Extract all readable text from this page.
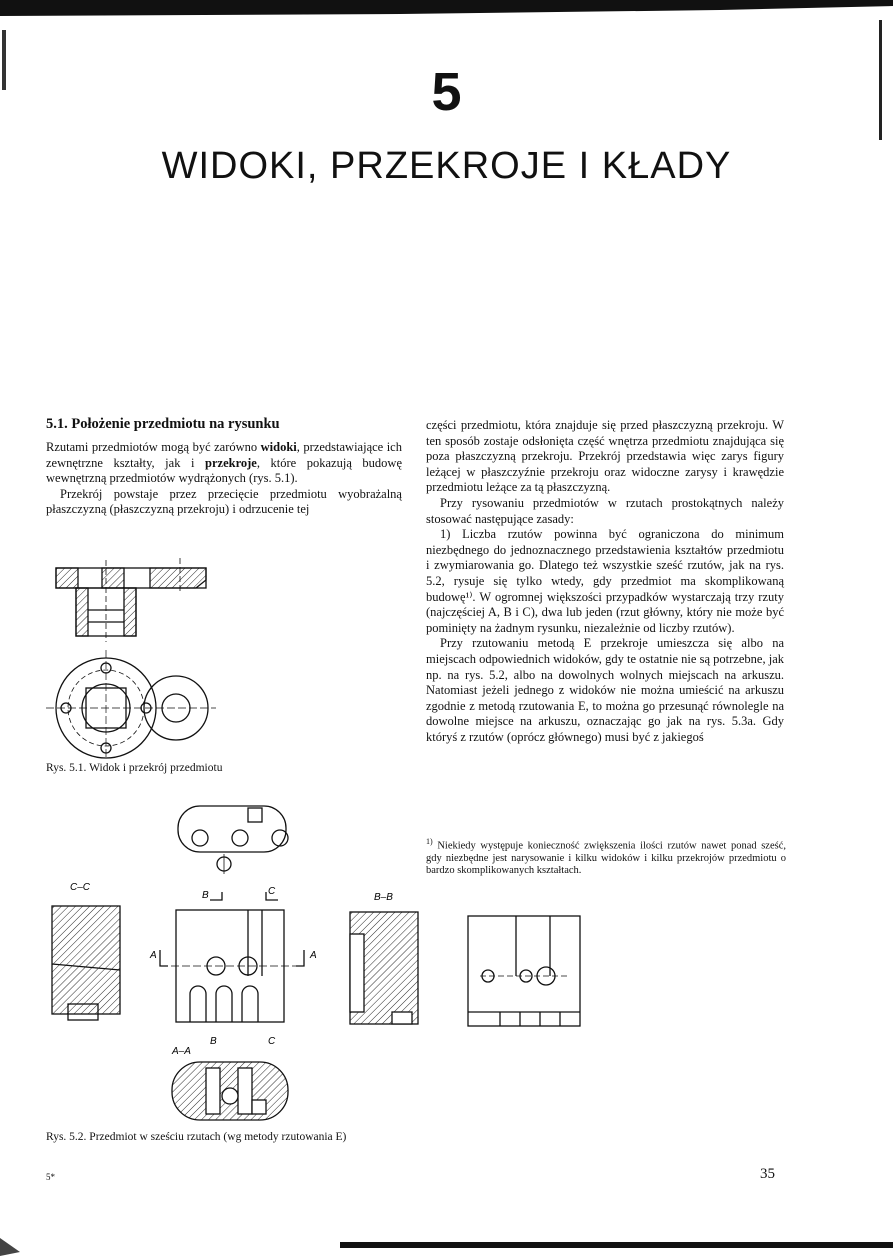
5
WIDOKI, PRZEKROJE I KŁADY
5.1. Położenie przedmiotu na rysunku

Rzutami przedmiotów mogą być zarówno widoki, przedstawiające ich zewnętrzne kształty, jak i przekroje, które pokazują budowę wewnętrzną przedmiotów wydrążonych (rys. 5.1).

Przekrój powstaje przez przecięcie przedmiotu wyobrażalną płaszczyzną (płaszczyzną przekroju) i odrzucenie tej

części przedmiotu, która znajduje się przed płaszczyzną przekroju. W ten sposób zostaje odsłonięta część wnętrza przedmiotu znajdująca się poza płaszczyzną przekroju. Przekrój przedstawia więc zarys figury leżącej w płaszczyźnie przekroju oraz widoczne zarysy i krawędzie przedmiotu leżące za tą płaszczyzną.

Przy rysowaniu przedmiotów w rzutach prostokątnych należy stosować następujące zasady:

1) Liczba rzutów powinna być ograniczona do minimum niezbędnego do jednoznacznego przedstawienia kształtów przedmiotu i zwymiarowania go. Dlatego też wszystkie sześć rzutów, jak na rys. 5.2, rysuje się tylko wtedy, gdy przedmiot ma skomplikowaną budowę¹⁾. W ogromnej większości przypadków wystarczają trzy rzuty (najczęściej A, B i C), dwa lub jeden (rzut główny, który nie może być pominięty na żadnym rysunku, niezależnie od liczby rzutów).

Przy rzutowaniu metodą E przekroje umieszcza się albo na miejscach odpowiednich widoków, gdy te ostatnie nie są potrzebne, jak np. na rys. 5.2, albo na dowolnych wolnych miejscach na arkuszu. Natomiast jeżeli jednego z widoków nie można umieścić na arkuszu zgodnie z metodą rzutowania E, to można go przesunąć równolegle na dowolne miejsce na arkuszu, oznaczając go jak na rys. 5.3a. Gdy któryś z rzutów (oprócz głównego) musi być z jakiegoś

$^{1)}$ Niekiedy występuje konieczność zwiększenia ilości rzutów nawet ponad sześć, gdy niezbędne jest narysowanie i kilku widoków i kilku przekrojów przedmiotu o bardzo skomplikowanych kształtach.
Rys. 5.1. Widok i przekrój przedmiotu
C–C
B	C
A	A
B	C
A–A
B–B
Rys. 5.2. Przedmiot w sześciu rzutach (wg metody rzutowania E)
5*	35
